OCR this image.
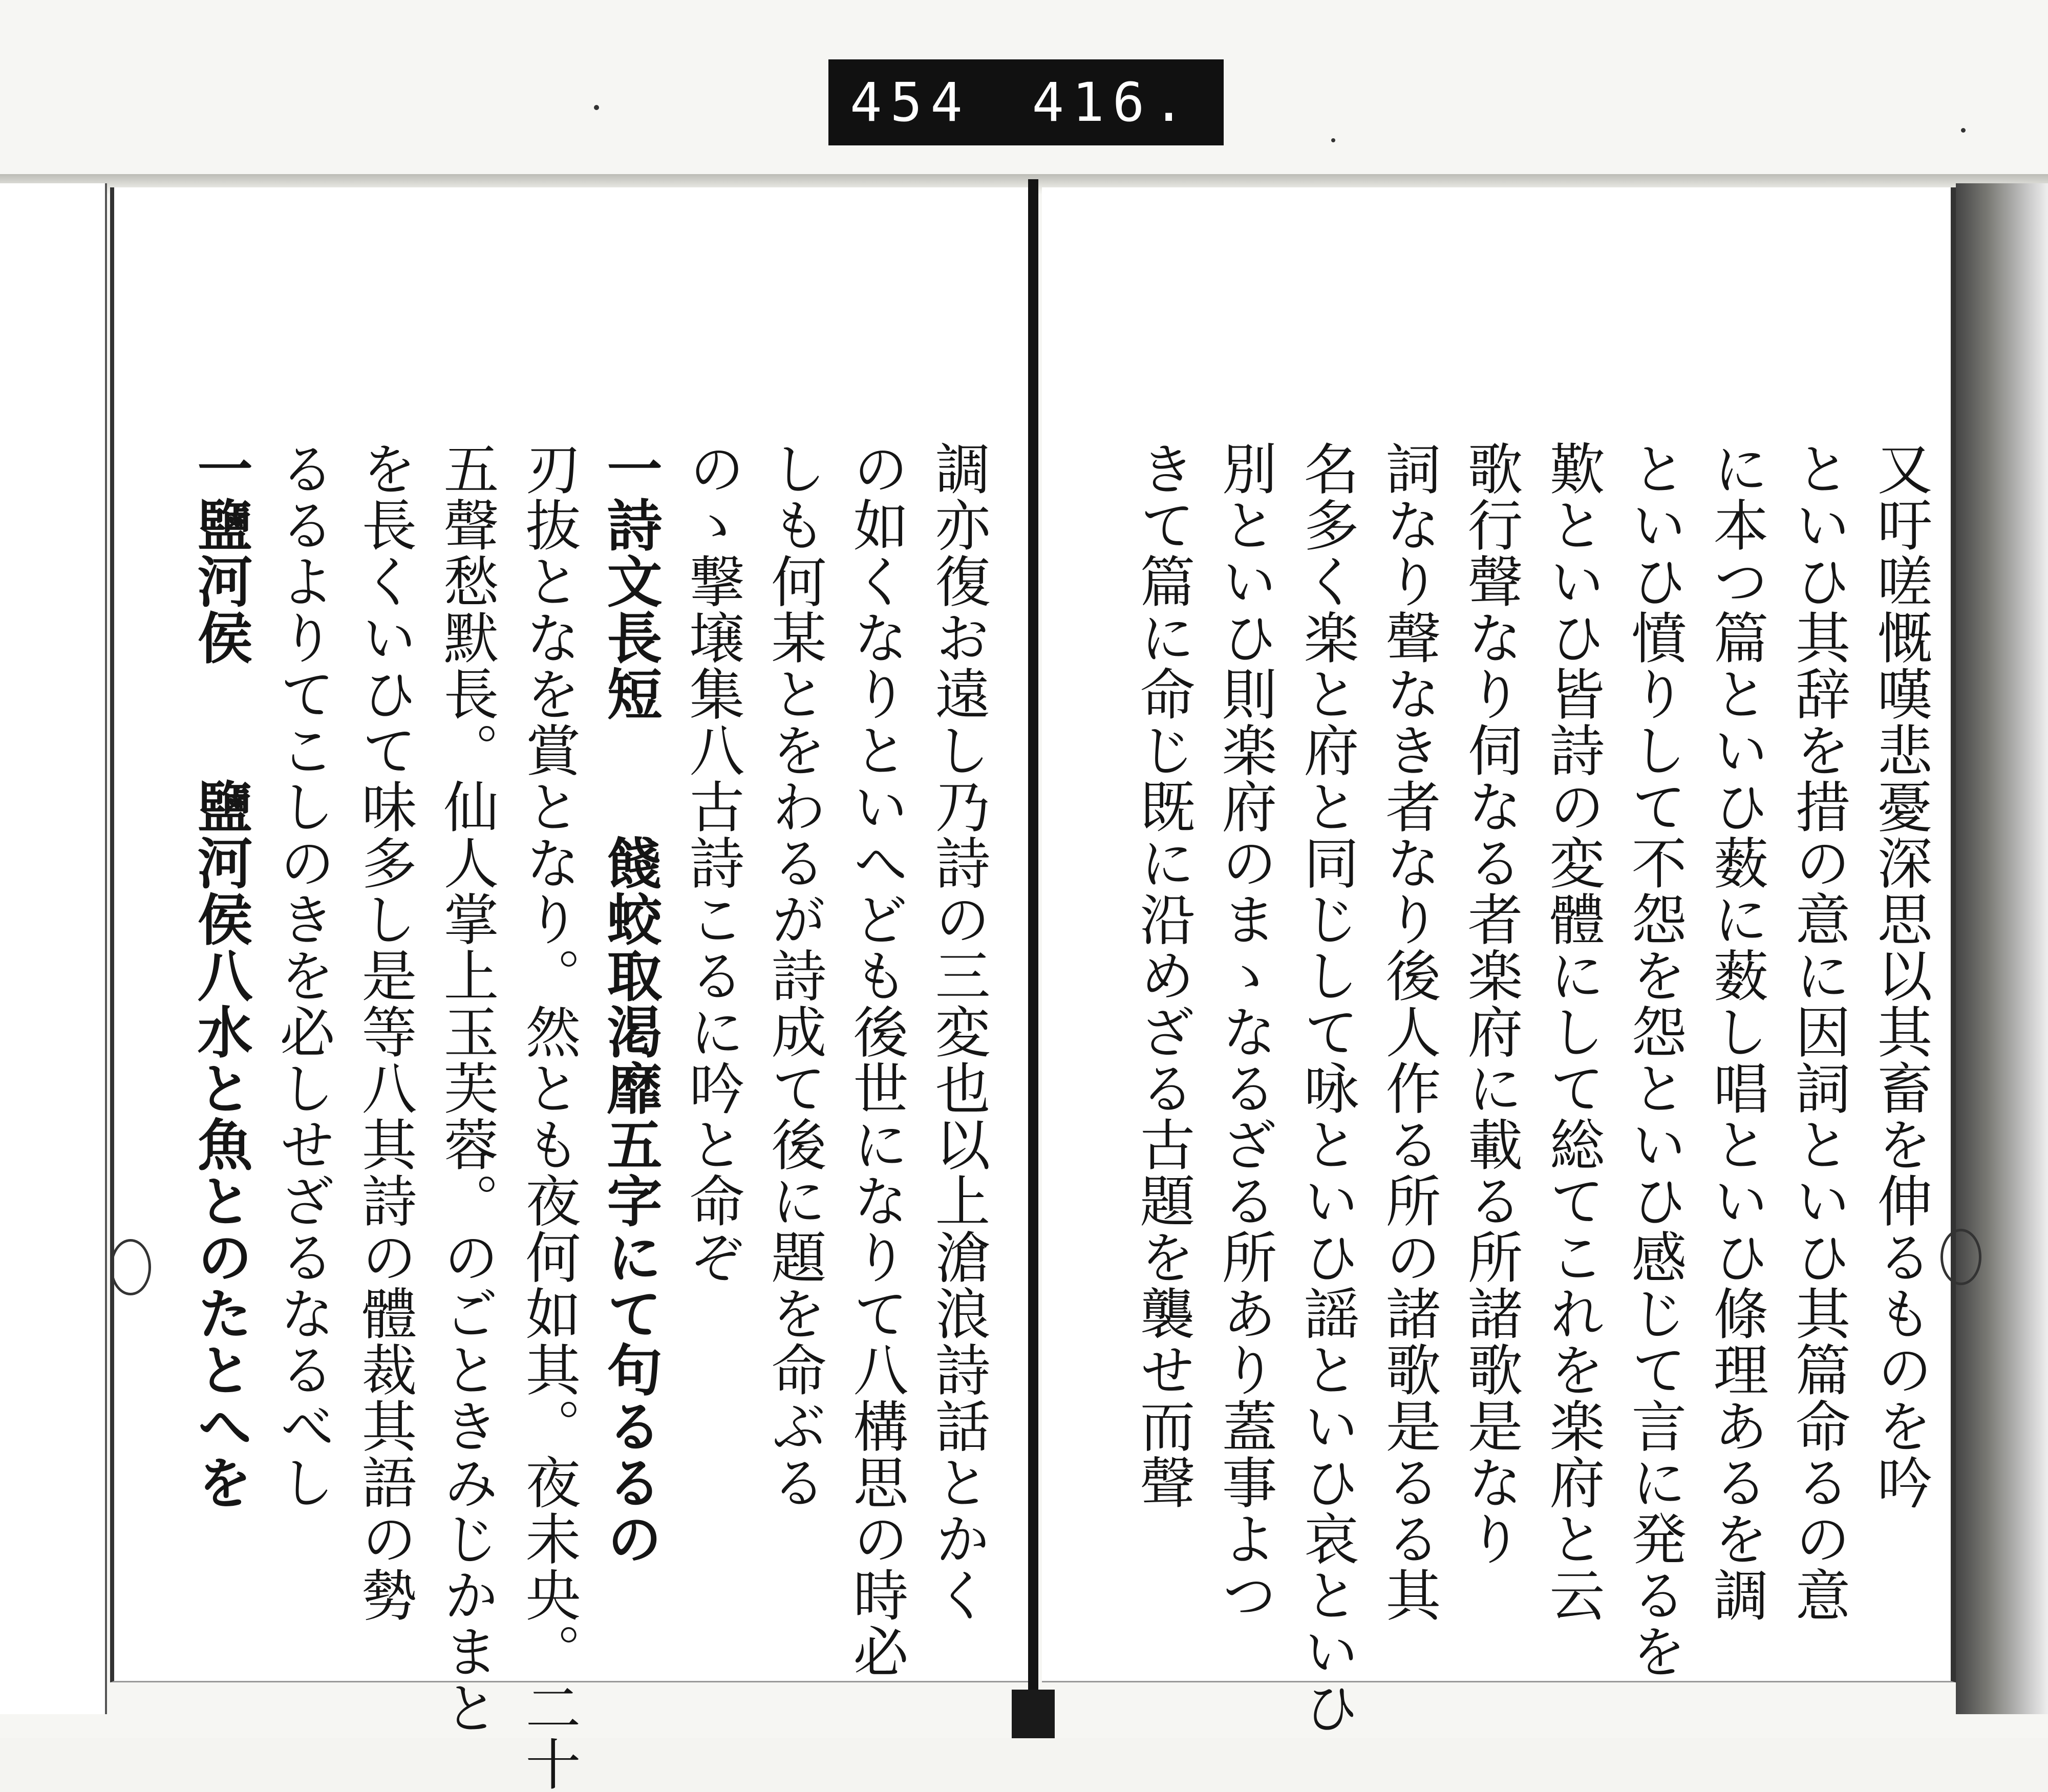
454 416.
又吁嗟慨嘆悲憂深思以其畜を伸るものを吟
といひ其辞を措の意に因詞といひ其篇命るの意
に本つ篇といひ薮に薮し唱といひ條理あるを調
といひ憤りして不怨を怨といひ感じて言に発るを
歎といひ皆詩の変體にして総てこれを楽府と云
歌行聲なり伺なる者楽府に載る所諸歌是なり
詞なり聲なき者なり後人作る所の諸歌是るる其
名多く楽と府と同じして咏といひ謡といひ哀といひ
別といひ則楽府のまゝなるざる所あり蓋事よつ
きて篇に命じ既に沿めざる古題を襲せ而聲
調亦復お遠し乃詩の三変也以上滄浪詩話とかく
の如くなりといへども後世になりて八構思の時必
しも何某とをわるが詩成て後に題を命ぶる
のゝ撃壌集八古詩こるに吟と命ぞ
一詩文長短　　餞蛟取渇靡五字にて句るるの
刃抜となを賞となり。然とも夜何如其。夜未央。二十
五聲愁默長。仙人掌上玉芙蓉。のごときみじかまと
を長くいひて味多し是等八其詩の體裁其語の勢
るるよりてこしのきを必しせざるなるべし
一鹽河侯　　鹽河侯八水と魚とのたとへを
